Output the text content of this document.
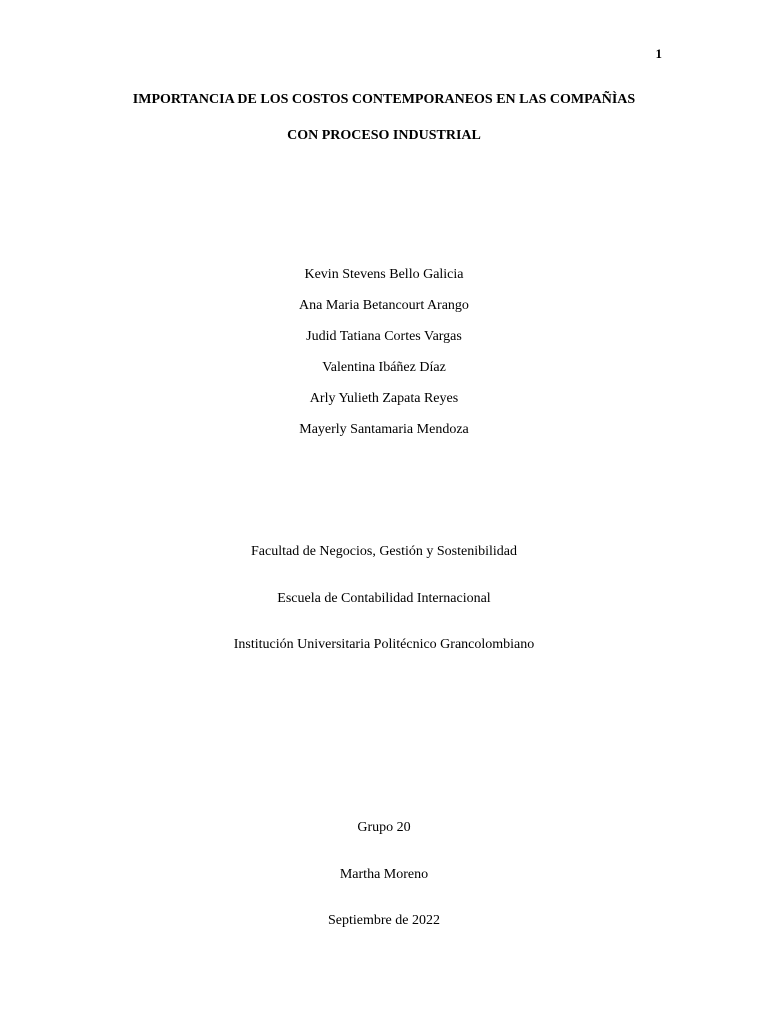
1
IMPORTANCIA DE LOS COSTOS CONTEMPORANEOS EN LAS COMPAÑÌAS
CON PROCESO INDUSTRIAL
Kevin Stevens Bello Galicia
Ana Maria Betancourt Arango
Judid Tatiana Cortes Vargas
Valentina Ibáñez Díaz
Arly Yulieth Zapata Reyes
Mayerly Santamaria Mendoza
Facultad de Negocios, Gestión y Sostenibilidad
Escuela de Contabilidad Internacional
Institución Universitaria Politécnico Grancolombiano
Grupo 20
Martha Moreno
Septiembre de 2022
